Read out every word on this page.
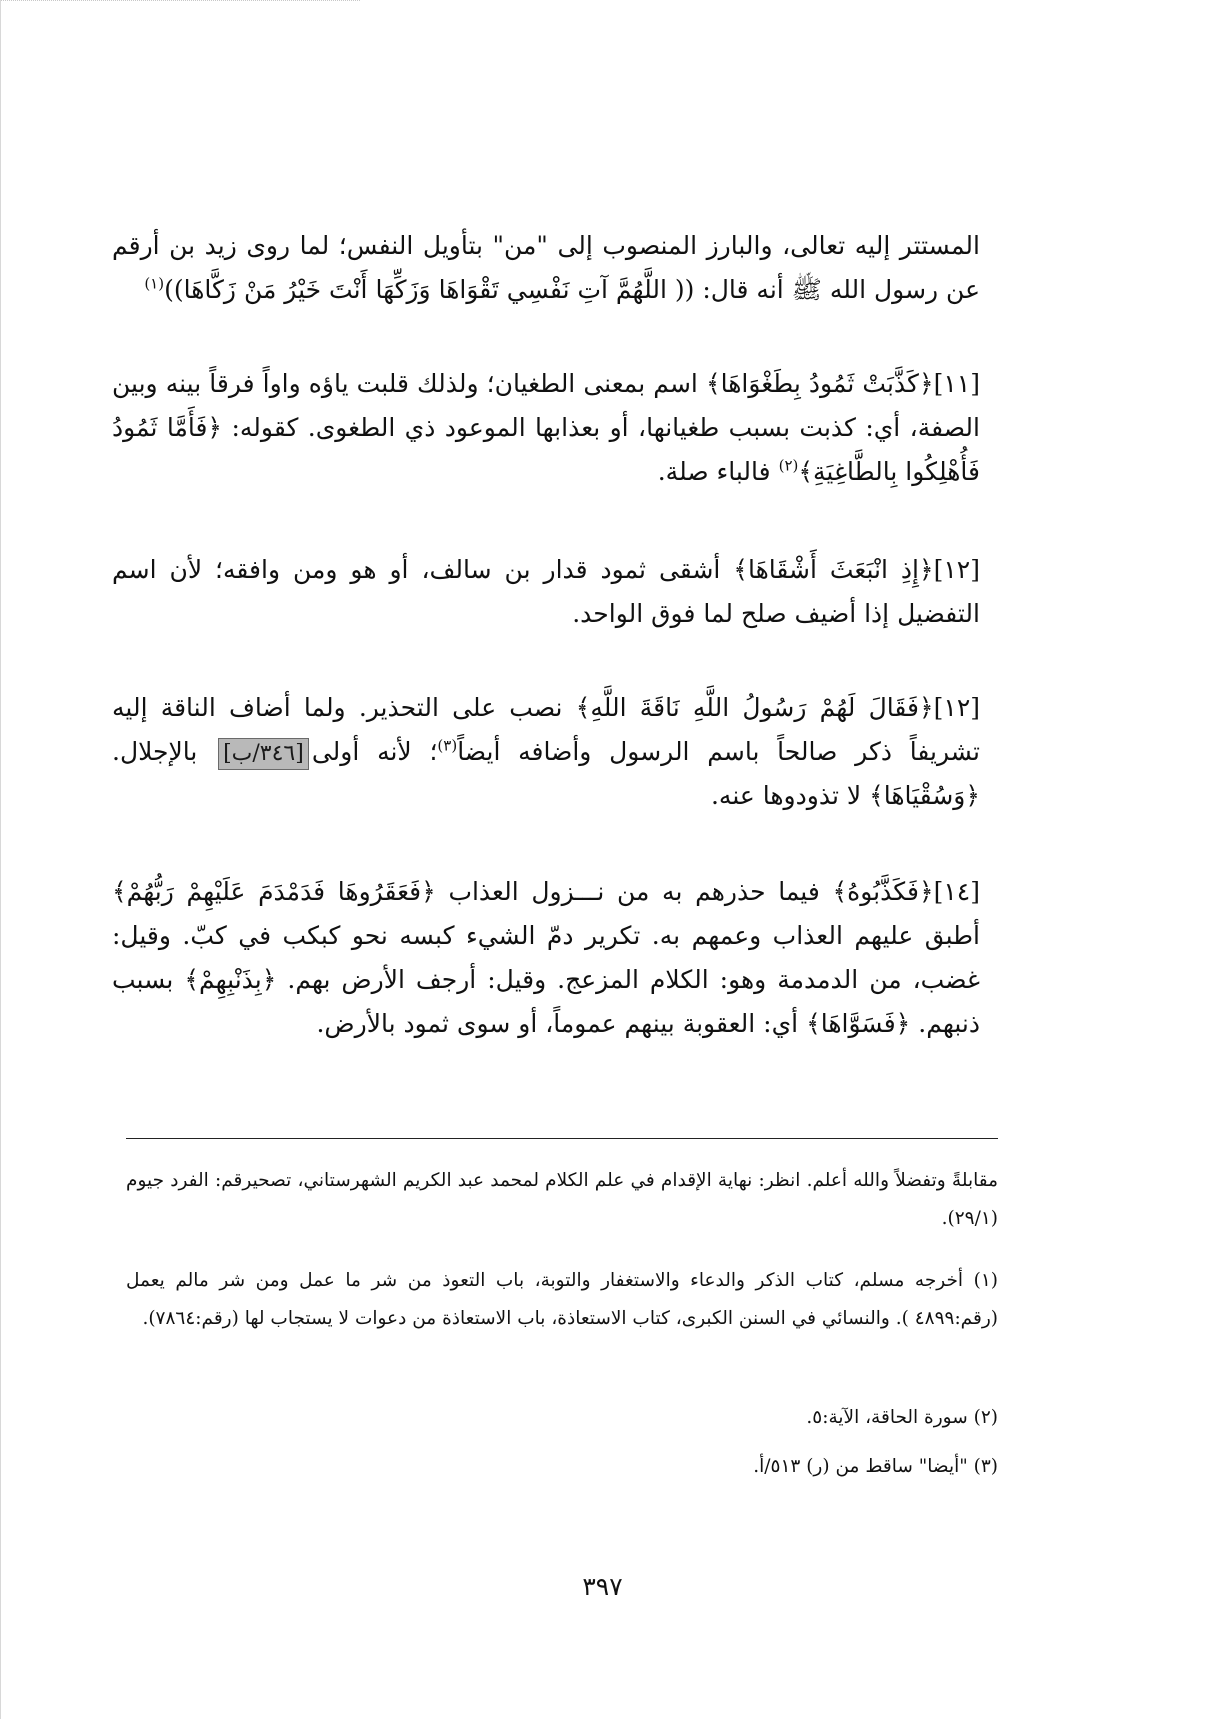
المستتر إليه تعالى، والبارز المنصوب إلى "من" بتأويل النفس؛ لما روى زيد بن أرقم عن رسول الله ﷺ أنه قال: (( اللَّهُمَّ آتِ نَفْسِي تَقْوَاهَا وَزَكِّهَا أَنْتَ خَيْرُ مَنْ زَكَّاهَا))$^{(١)}$

[١١]﴿كَذَّبَتْ ثَمُودُ بِطَغْوَاهَا﴾ اسم بمعنى الطغيان؛ ولذلك قلبت ياؤه واواً فرقاً بينه وبين الصفة، أي: كذبت بسبب طغيانها، أو بعذابها الموعود ذي الطغوى. كقوله: ﴿فَأَمَّا ثَمُودُ فَأُهْلِكُوا بِالطَّاغِيَةِ﴾$^{(٢)}$ فالباء صلة.

[١٢]﴿إِذِ انْبَعَثَ أَشْقَاهَا﴾ أشقى ثمود قدار بن سالف، أو هو ومن وافقه؛ لأن اسم التفضيل إذا أضيف صلح لما فوق الواحد.

[١٢]﴿فَقَالَ لَهُمْ رَسُولُ اللَّهِ نَاقَةَ اللَّهِ﴾ نصب على التحذير. ولما أضاف الناقة إليه تشريفاً ذكر صالحاً باسم الرسول وأضافه أيضاً$^{(٣)}$؛ لأنه أولى[٣٤٦/ب] بالإجلال. ﴿وَسُقْيَاهَا﴾ لا تذودوها عنه.

[١٤]﴿فَكَذَّبُوهُ﴾ فيما حذرهم به من نـــزول العذاب ﴿فَعَقَرُوهَا فَدَمْدَمَ عَلَيْهِمْ رَبُّهُمْ﴾ أطبق عليهم العذاب وعمهم به. تكرير دمّ الشيء كبسه نحو كبكب في كبّ. وقيل: غضب، من الدمدمة وهو: الكلام المزعج. وقيل: أرجف الأرض بهم. ﴿بِذَنْبِهِمْ﴾ بسبب ذنبهم. ﴿فَسَوَّاهَا﴾ أي: العقوبة بينهم عموماً، أو سوى ثمود بالأرض.

مقابلةً وتفضلاً والله أعلم. انظر: نهاية الإقدام في علم الكلام لمحمد عبد الكريم الشهرستاني، تصحيرقم: الفرد جيوم (٢٩/١).

(١) أخرجه مسلم، كتاب الذكر والدعاء والاستغفار والتوبة، باب التعوذ من شر ما عمل ومن شر مالم يعمل (رقم:٤٨٩٩ ). والنسائي في السنن الكبرى، كتاب الاستعاذة، باب الاستعاذة من دعوات لا يستجاب لها (رقم:٧٨٦٤).

(٢) سورة الحاقة، الآية:٥.

(٣) "أيضا" ساقط من (ر) ٥١٣/أ.

٣٩٧
